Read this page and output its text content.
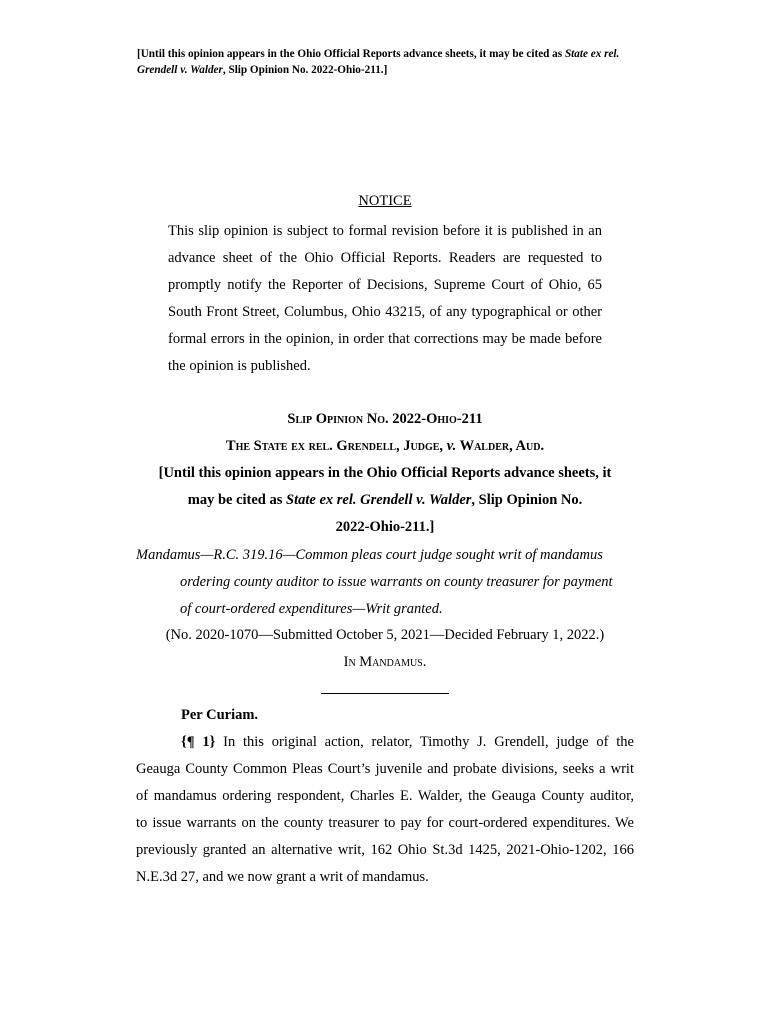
[Until this opinion appears in the Ohio Official Reports advance sheets, it may be cited as State ex rel. Grendell v. Walder, Slip Opinion No. 2022-Ohio-211.]
NOTICE
This slip opinion is subject to formal revision before it is published in an
advance sheet of the Ohio Official Reports. Readers are requested to
promptly notify the Reporter of Decisions, Supreme Court of Ohio, 65
South Front Street, Columbus, Ohio 43215, of any typographical or other
formal errors in the opinion, in order that corrections may be made before
the opinion is published.
Slip Opinion No. 2022-Ohio-211
The State ex rel. Grendell, Judge, v. Walder, Aud.
[Until this opinion appears in the Ohio Official Reports advance sheets, it
may be cited as State ex rel. Grendell v. Walder, Slip Opinion No.
2022-Ohio-211.]
Mandamus—R.C. 319.16—Common pleas court judge sought writ of mandamus
ordering county auditor to issue warrants on county treasurer for payment
of court-ordered expenditures—Writ granted.
(No. 2020-1070—Submitted October 5, 2021—Decided February 1, 2022.)
In Mandamus.
Per Curiam.
{¶ 1} In this original action, relator, Timothy J. Grendell, judge of the
Geauga County Common Pleas Court’s juvenile and probate divisions, seeks a writ
of mandamus ordering respondent, Charles E. Walder, the Geauga County auditor,
to issue warrants on the county treasurer to pay for court-ordered expenditures. We
previously granted an alternative writ, 162 Ohio St.3d 1425, 2021-Ohio-1202, 166
N.E.3d 27, and we now grant a writ of mandamus.
